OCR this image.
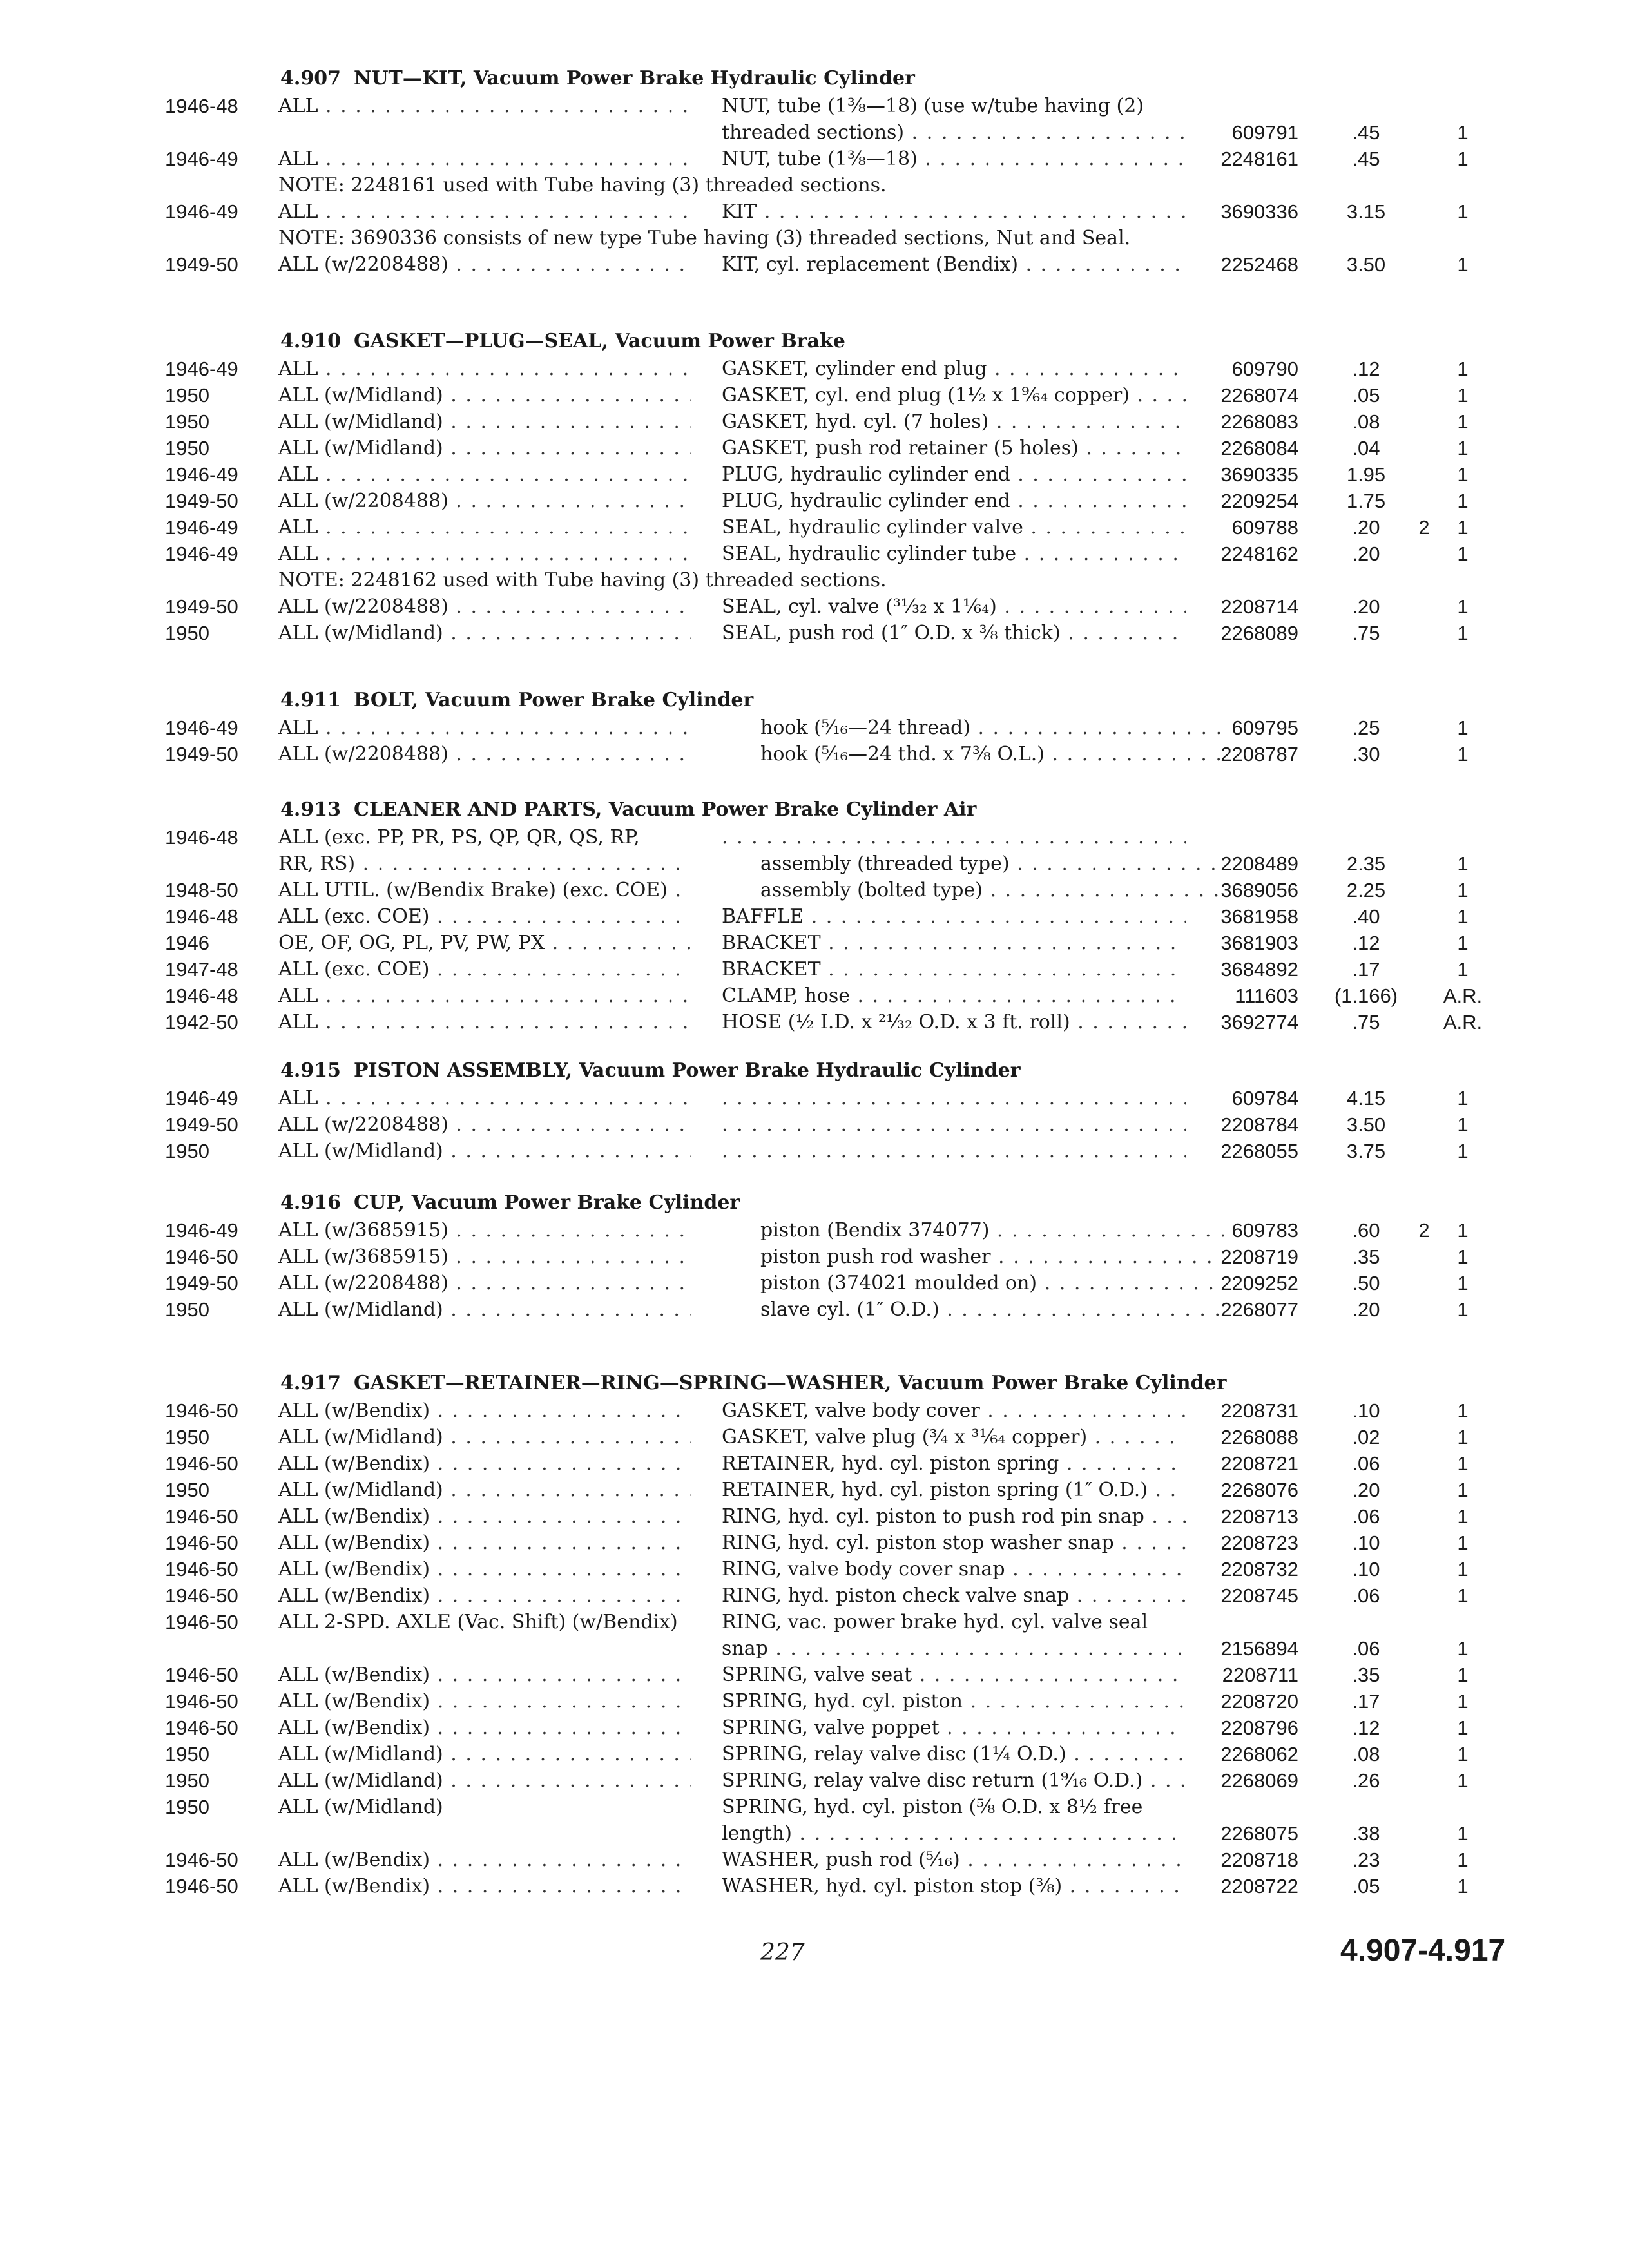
4.907 NUT—KIT, Vacuum Power Brake Hydraulic Cylinder
1946-48	ALL . . .	NUT, tube (1³⁄₈—18) (use w/tube having (2)
threaded sections) . . .	609791	.45	1
1946-49	ALL . . .	NUT, tube (1³⁄₈—18) . . .	2248161	.45	1
NOTE: 2248161 used with Tube having (3) threaded sections.
1946-49	ALL . . .	KIT . . .	3690336	3.15	1
NOTE: 3690336 consists of new type Tube having (3) threaded sections, Nut and Seal.
1949-50	ALL (w/2208488) . . .	KIT, cyl. replacement (Bendix) . . .	2252468	3.50	1
4.910 GASKET—PLUG—SEAL, Vacuum Power Brake
1946-49	ALL . . .	GASKET, cylinder end plug . . .	609790	.12	1
1950	ALL (w/Midland) . . .	GASKET, cyl. end plug (1½ x 1⁹⁄₆₄ copper) . . .	2268074	.05	1
1950	ALL (w/Midland) . . .	GASKET, hyd. cyl. (7 holes) . . .	2268083	.08	1
1950	ALL (w/Midland) . . .	GASKET, push rod retainer (5 holes) . . .	2268084	.04	1
1946-49	ALL . . .	PLUG, hydraulic cylinder end . . .	3690335	1.95	1
1949-50	ALL (w/2208488) . . .	PLUG, hydraulic cylinder end . . .	2209254	1.75	1
1946-49	ALL . . .	SEAL, hydraulic cylinder valve . . .	609788	.20	2	1
1946-49	ALL . . .	SEAL, hydraulic cylinder tube . . .	2248162	.20	1
NOTE: 2248162 used with Tube having (3) threaded sections.
1949-50	ALL (w/2208488) . . .	SEAL, cyl. valve (³¹⁄₃₂ x 1¹⁄₆₄) . . .	2208714	.20	1
1950	ALL (w/Midland) . . .	SEAL, push rod (1″ O.D. x ⅜ thick) . . .	2268089	.75	1
4.911 BOLT, Vacuum Power Brake Cylinder
1946-49	ALL . . .	hook (⁵⁄₁₆—24 thread) . . .	609795	.25	1
1949-50	ALL (w/2208488) . . .	hook (⁵⁄₁₆—24 thd. x 7⅜ O.L.) . . .	2208787	.30	1
4.913 CLEANER AND PARTS, Vacuum Power Brake Cylinder Air
1946-48	ALL (exc. PP, PR, PS, QP, QR, QS, RP,
. . .
RR, RS) . . .	assembly (threaded type) . . .	2208489	2.35	1
1948-50	ALL UTIL. (w/Bendix Brake) (exc. COE) . . .	assembly (bolted type) . . .	3689056	2.25	1
1946-48	ALL (exc. COE) . . .	BAFFLE . . .	3681958	.40	1
1946	OE, OF, OG, PL, PV, PW, PX . . .	BRACKET . . .	3681903	.12	1
1947-48	ALL (exc. COE) . . .	BRACKET . . .	3684892	.17	1
1946-48	ALL . . .	CLAMP, hose . . .	111603	(1.166)	A.R.
1942-50	ALL . . .	HOSE (½ I.D. x ²¹⁄₃₂ O.D. x 3 ft. roll) . . .	3692774	.75	A.R.
4.915 PISTON ASSEMBLY, Vacuum Power Brake Hydraulic Cylinder
1946-49	ALL . . . . . .	609784	4.15	1
1949-50	ALL (w/2208488) . . . . . .	2208784	3.50	1
1950	ALL (w/Midland) . . . . . .	2268055	3.75	1
4.916 CUP, Vacuum Power Brake Cylinder
1946-49	ALL (w/3685915) . . .	piston (Bendix 374077) . . .	609783	.60	2	1
1946-50	ALL (w/3685915) . . .	piston push rod washer . . .	2208719	.35	1
1949-50	ALL (w/2208488) . . .	piston (374021 moulded on) . . .	2209252	.50	1
1950	ALL (w/Midland) . . .	slave cyl. (1″ O.D.) . . .	2268077	.20	1
4.917 GASKET—RETAINER—RING—SPRING—WASHER, Vacuum Power Brake Cylinder
1946-50	ALL (w/Bendix) . . .	GASKET, valve body cover . . .	2208731	.10	1
1950	ALL (w/Midland) . . .	GASKET, valve plug (¾ x ³¹⁄₆₄ copper) . . .	2268088	.02	1
1946-50	ALL (w/Bendix) . . .	RETAINER, hyd. cyl. piston spring . . .	2208721	.06	1
1950	ALL (w/Midland) . . .	RETAINER, hyd. cyl. piston spring (1″ O.D.) . . .	2268076	.20	1
1946-50	ALL (w/Bendix) . . .	RING, hyd. cyl. piston to push rod pin snap . . .	2208713	.06	1
1946-50	ALL (w/Bendix) . . .	RING, hyd. cyl. piston stop washer snap . . .	2208723	.10	1
1946-50	ALL (w/Bendix) . . .	RING, valve body cover snap . . .	2208732	.10	1
1946-50	ALL (w/Bendix) . . .	RING, hyd. piston check valve snap . . .	2208745	.06	1
1946-50	ALL 2-SPD. AXLE (Vac. Shift) (w/Bendix)	RING, vac. power brake hyd. cyl. valve seal
snap . . .	2156894	.06	1
1946-50	ALL (w/Bendix) . . .	SPRING, valve seat . . .	2208711	.35	1
1946-50	ALL (w/Bendix) . . .	SPRING, hyd. cyl. piston . . .	2208720	.17	1
1946-50	ALL (w/Bendix) . . .	SPRING, valve poppet . . .	2208796	.12	1
1950	ALL (w/Midland) . . .	SPRING, relay valve disc (1¼ O.D.) . . .	2268062	.08	1
1950	ALL (w/Midland) . . .	SPRING, relay valve disc return (1⁹⁄₁₆ O.D.) . . .	2268069	.26	1
1950	ALL (w/Midland)	SPRING, hyd. cyl. piston (⅝ O.D. x 8½ free
length) . . .	2268075	.38	1
1946-50	ALL (w/Bendix) . . .	WASHER, push rod (⁵⁄₁₆) . . .	2208718	.23	1
1946-50	ALL (w/Bendix) . . .	WASHER, hyd. cyl. piston stop (⅜) . . .	2208722	.05	1
227	4.907-4.917
